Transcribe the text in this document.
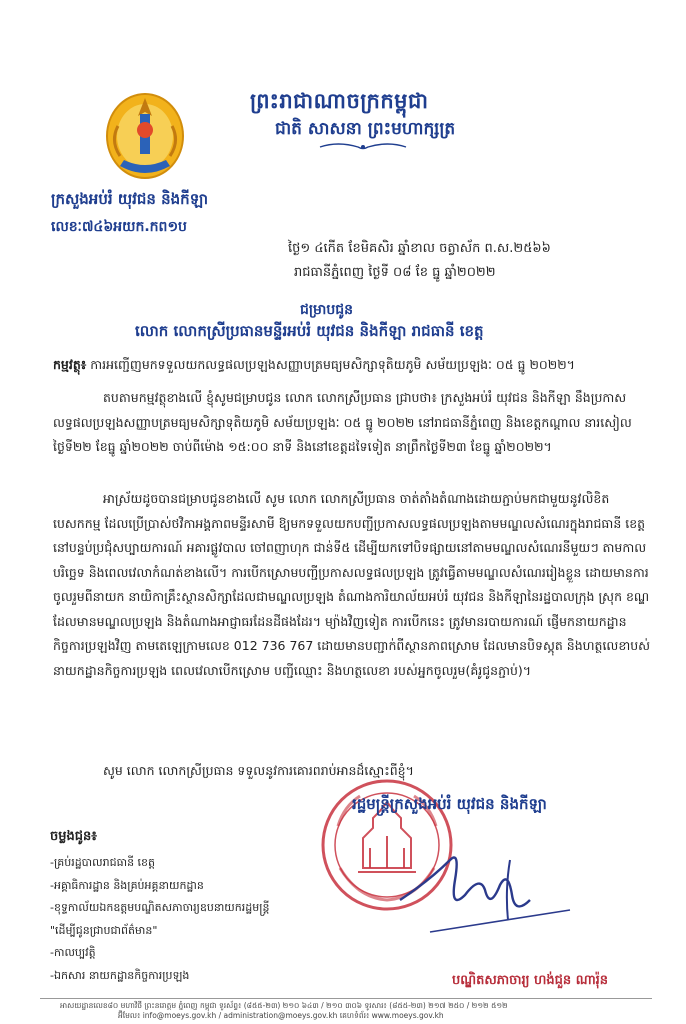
ព្រះរាជាណាចក្រកម្ពុជា
ជាតិ សាសនា ព្រះមហាក្សត្រ
ក្រសួងអប់រំ យុវជន និងកីឡា
លេខៈ៧៤៦អយក.កព១ប
ថ្ងៃ១ ៤កើត ខែមិគសិរ ឆ្នាំខាល ចត្វាស័ក ព.ស.២៥៦៦
រាជធានីភ្នំពេញ ថ្ងៃទី ០៨ ខែ ធ្នូ ឆ្នាំ២០២២
ជម្រាបជូន
លោក លោកស្រីប្រធានមន្ទីរអប់រំ យុវជន និងកីឡា រាជធានី ខេត្ត
កម្មវត្ថុ៖ ការអញ្ជើញមកទទួលយកលទ្ធផលប្រឡងសញ្ញាបត្រមធ្យមសិក្សាទុតិយភូមិ សម័យប្រឡងៈ ០៥ ធ្នូ ២០២២។
តបតាមកម្មវត្ថុខាងលើ ខ្ញុំសូមជម្រាបជូន លោក លោកស្រីប្រធាន ជ្រាបថា៖ ក្រសួងអប់រំ យុវជន និងកីឡា នឹងប្រកាសលទ្ធផលប្រឡងសញ្ញាបត្រមធ្យមសិក្សាទុតិយភូមិ សម័យប្រឡងៈ ០៥ ធ្នូ ២០២២ នៅរាជធានីភ្នំពេញ និងខេត្តកណ្តាល នារសៀលថ្ងៃទី២២ ខែធ្នូ ឆ្នាំ២០២២ ចាប់ពីម៉ោង ១៥:០០ នាទី និងនៅខេត្តដទៃទៀត នាព្រឹកថ្ងៃទី២៣ ខែធ្នូ ឆ្នាំ២០២២។
អាស្រ័យដូចបានជម្រាបជូនខាងលើ សូម លោក លោកស្រីប្រធាន ចាត់តាំងតំណាងដោយភ្ជាប់មកជាមួយនូវលិខិតបេសកកម្ម ដែលប្រើប្រាស់ថវិកាអង្គភាពមន្ទីរសាមី ឱ្យមកទទួលយកបញ្ជីប្រកាសលទ្ធផលប្រឡងតាមមណ្ឌលសំណេរក្នុងរាជធានី ខេត្ត នៅបន្ទប់ប្រជុំសប្បាយការណ៍ អគារផ្លូវបាល ចៅពញាហុក ជាន់ទី៥ ដើម្បីយកទៅបិទផ្សាយនៅតាមមណ្ឌលសំណេរនីមួយៗ តាមកាលបរិច្ឆេទ និងពេលវេលាកំណត់ខាងលើ។ ការបើកស្រោមបញ្ជីប្រកាសលទ្ធផលប្រឡង ត្រូវធ្វើតាមមណ្ឌលសំណេររៀងខ្លួន ដោយមានការចូលរួមពីនាយក នាយិកាគ្រឹះស្ថានសិក្សាដែលជាមណ្ឌលប្រឡង តំណាងការិយាល័យអប់រំ យុវជន និងកីឡានៃរដ្ឋបាលក្រុង ស្រុក ខណ្ឌ ដែលមានមណ្ឌលប្រឡង និងតំណាងអាជ្ញាធរដែនដីផងដែរ។ ម្យ៉ាងវិញទៀត ការបើកនេះ ត្រូវមានរបាយការណ៍ ផ្ញើមកនាយកដ្ឋានកិច្ចការប្រឡងវិញ តាមតេឡេក្រាមលេខ 012 736 767 ដោយមានបញ្ជាក់ពីស្ថានភាពស្រោម ដែលមានបិទស្កុត និងហត្ថលេខាបស់នាយកដ្ឋានកិច្ចការប្រឡង ពេលវេលាបើកស្រោម បញ្ជីឈ្មោះ និងហត្ថលេខា របស់អ្នកចូលរួម(គំរូជូនភ្ជាប់)។
សូម លោក លោកស្រីប្រធាន ទទួលនូវការគោរពរាប់អានដ៏ស្មោះពីខ្ញុំ។
រដ្ឋមន្ត្រីក្រសួងអប់រំ យុវជន និងកីឡា
បណ្ឌិតសភាចារ្យ ហង់ជួន ណារ៉ុន
ចម្លងជូន៖
-គ្រប់រដ្ឋបាលរាជធានី ខេត្ត
-អគ្គាធិការដ្ឋាន និងគ្រប់អគ្គនាយកដ្ឋាន
-ខុទ្ទកាល័យឯកឧត្តមបណ្ឌិតសភាចារ្យឧបនាយករដ្ឋមន្ត្រី
"ដើម្បីជូនជ្រាបជាព័ត៌មាន"
-កាលប្បវត្តិ
-ឯកសារ នាយកដ្ឋានកិច្ចការប្រឡង
អាសយដ្ឋានលេខ៨០ មហាវិថី ព្រះនរោត្តម ភ្នំពេញ កម្ពុជា ទូរស័ព្ទ៖ (៨៥៥-២៣) ២១០ ៦៤៣ / ២១០ ៣០៦ ទូរសារ៖ (៨៥៥-២៣) ២១៧ ២៥០ / ២១២ ៥១២
អ៊ីមែល៖ info@moeys.gov.kh / administration@moeys.gov.kh គេហទំព័រ៖ www.moeys.gov.kh
